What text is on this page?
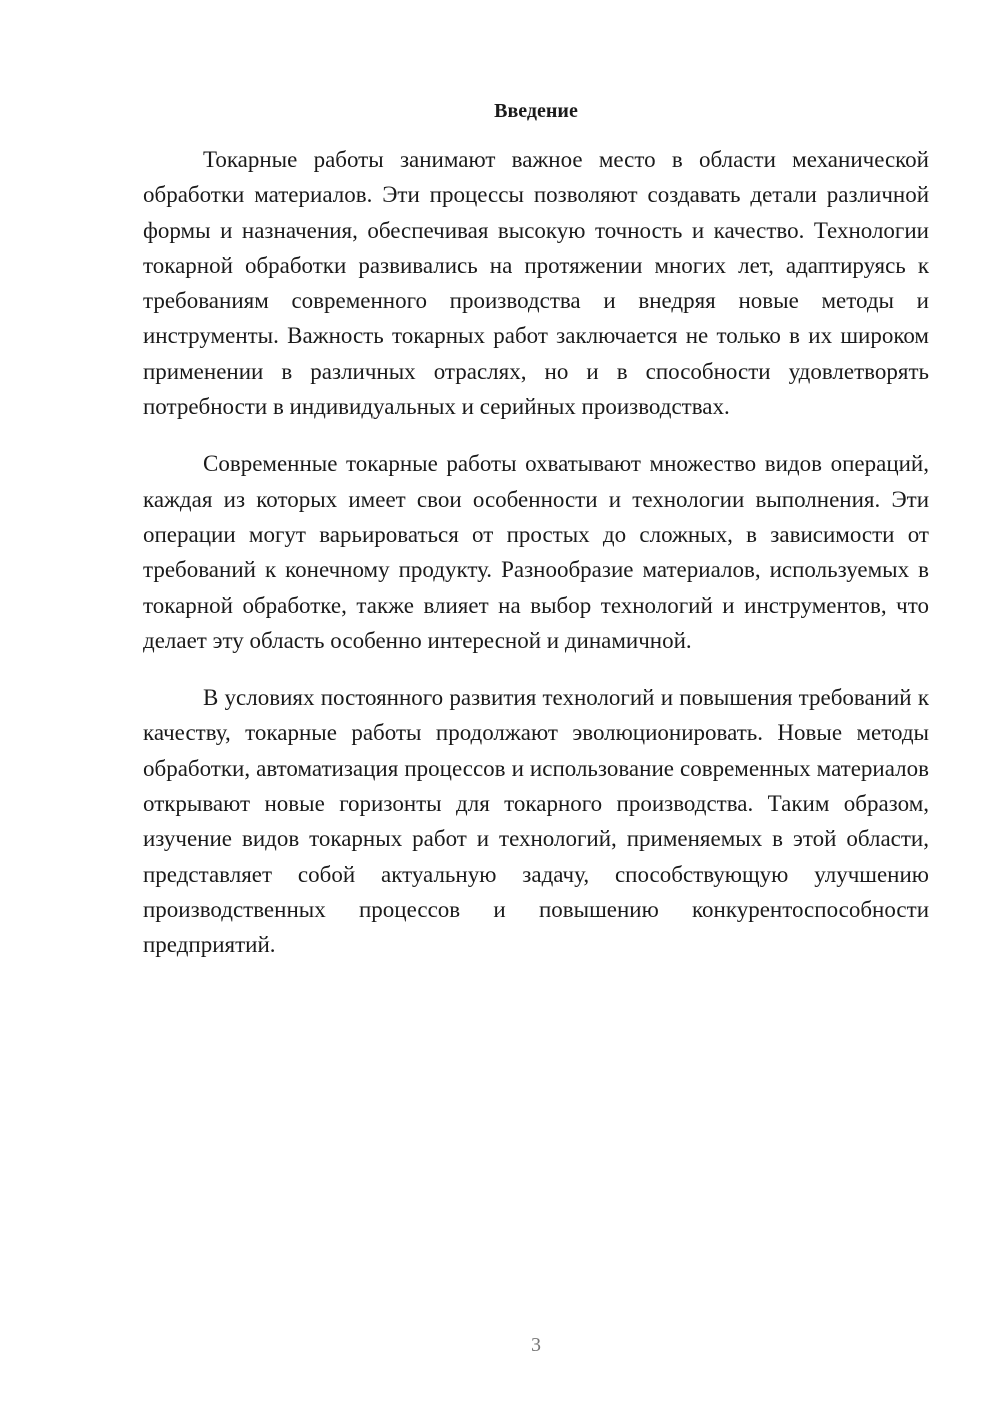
Введение

Токарные работы занимают важное место в области механической обработки материалов. Эти процессы позволяют создавать детали различной формы и назначения, обеспечивая высокую точность и качество. Технологии токарной обработки развивались на протяжении многих лет, адаптируясь к требованиям современного производства и внедряя новые методы и инструменты. Важность токарных работ заключается не только в их широком применении в различных отраслях, но и в способности удовлетворять потребности в индивидуальных и серийных производствах.

Современные токарные работы охватывают множество видов операций, каждая из которых имеет свои особенности и технологии выполнения. Эти операции могут варьироваться от простых до сложных, в зависимости от требований к конечному продукту. Разнообразие материалов, используемых в токарной обработке, также влияет на выбор технологий и инструментов, что делает эту область особенно интересной и динамичной.

В условиях постоянного развития технологий и повышения требований к качеству, токарные работы продолжают эволюционировать. Новые методы обработки, автоматизация процессов и использование современных материалов открывают новые горизонты для токарного производства. Таким образом, изучение видов токарных работ и технологий, применяемых в этой области, представляет собой актуальную задачу, способствующую улучшению производственных процессов и повышению конкурентоспособности предприятий.

3
